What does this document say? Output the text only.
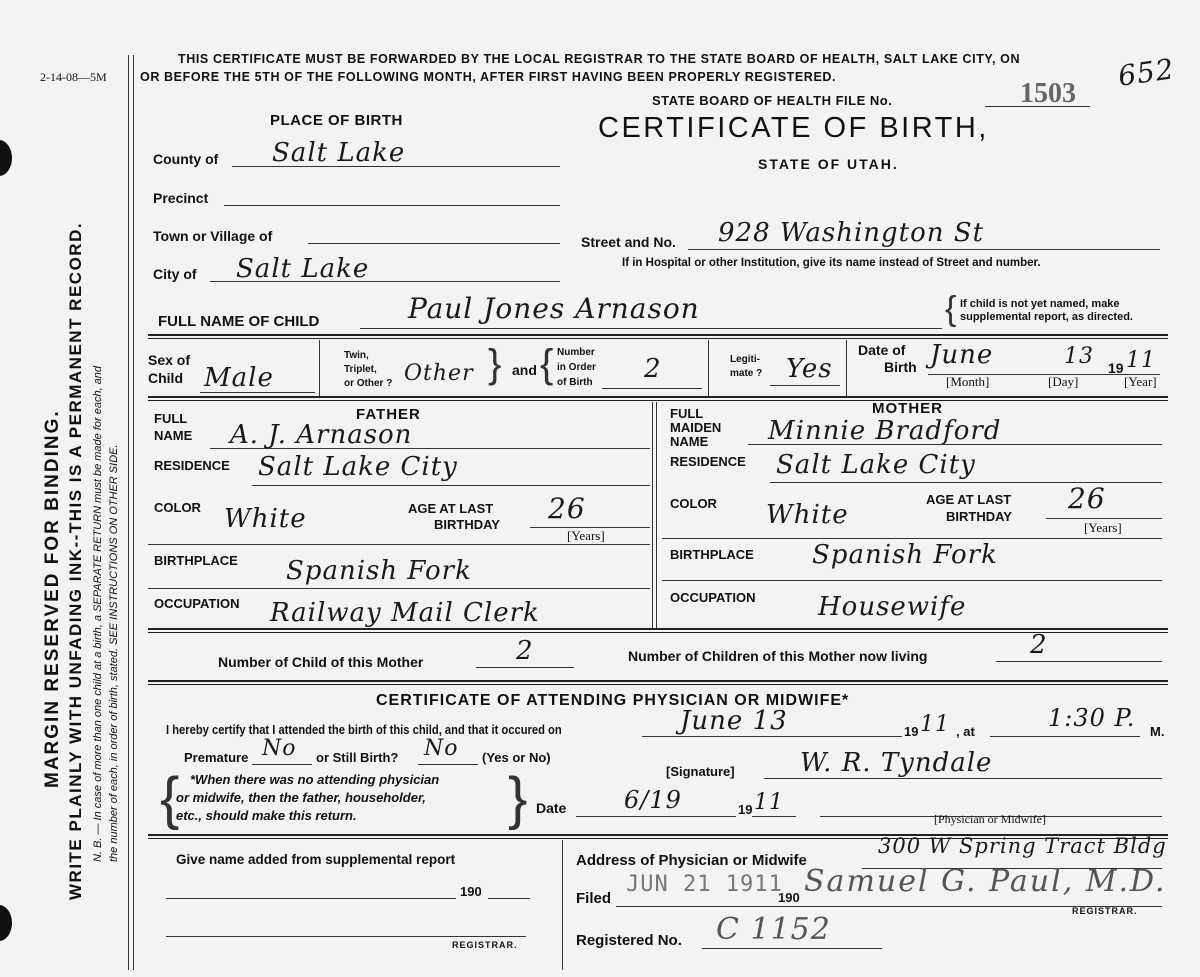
2-14-08—5M
MARGIN RESERVED FOR BINDING. WRITE PLAINLY WITH UNFADING INK--THIS IS A PERMANENT RECORD. N. B. — In case of more than one child at a birth, a SEPARATE RETURN must be made for each, and the number of each, in order of birth, stated. SEE INSTRUCTIONS ON OTHER SIDE.
THIS CERTIFICATE MUST BE FORWARDED BY THE LOCAL REGISTRAR TO THE STATE BOARD OF HEALTH, SALT LAKE CITY, ON
OR BEFORE THE 5TH OF THE FOLLOWING MONTH, AFTER FIRST HAVING BEEN PROPERLY REGISTERED.
STATE BOARD OF HEALTH FILE No.	1503
652
PLACE OF BIRTH	CERTIFICATE OF BIRTH,
STATE OF UTAH.
County of Salt Lake
Precinct
Town or Village of
City of Salt Lake
Street and No. 928 Washington St
If in Hospital or other Institution, give its name instead of Street and number.
FULL NAME OF CHILD	Paul Jones Arnason	{ If child is not yet named, make
supplemental report, as directed.
Sex of
Child Male
Twin,
Triplet,
or Other ? Other } and { Number
in Order
of Birth 2	Legiti-
mate ? Yes
Date of
Birth June	13 19 11
[Month]	[Day]	[Year]
FATHER
FULL
NAME A. J. Arnason
RESIDENCE Salt Lake City
COLOR White	AGE AT LAST
BIRTHDAY 26
[Years]
BIRTHPLACE Spanish Fork
OCCUPATION Railway Mail Clerk
MOTHER
FULL
MAIDEN
NAME Minnie Bradford
RESIDENCE Salt Lake City
COLOR White
AGE AT LAST
BIRTHDAY
26
[Years]
BIRTHPLACE Spanish Fork
OCCUPATION Housewife
Number of Child of this Mother	2	Number of Children of this Mother now living	2
CERTIFICATE OF ATTENDING PHYSICIAN OR MIDWIFE*
I hereby certify that I attended the birth of this child, and that it occured on	June 13	19 11 , at	1:30 P. M.
Premature No or Still Birth? No (Yes or No)
{ *When there was no attending physician
or midwife, then the father, householder,
etc., should make this return.	}	[Signature]	W. R. Tyndale
Date 6/19	19 11
[Physician or Midwife]
Give name added from supplemental report
190
REGISTRAR.
Address of Physician or Midwife
300 W Spring Tract Bldg
Filed
JUN 21 1911
190 Samuel G. Paul, M.D.
REGISTRAR.
Registered No. C 1152
